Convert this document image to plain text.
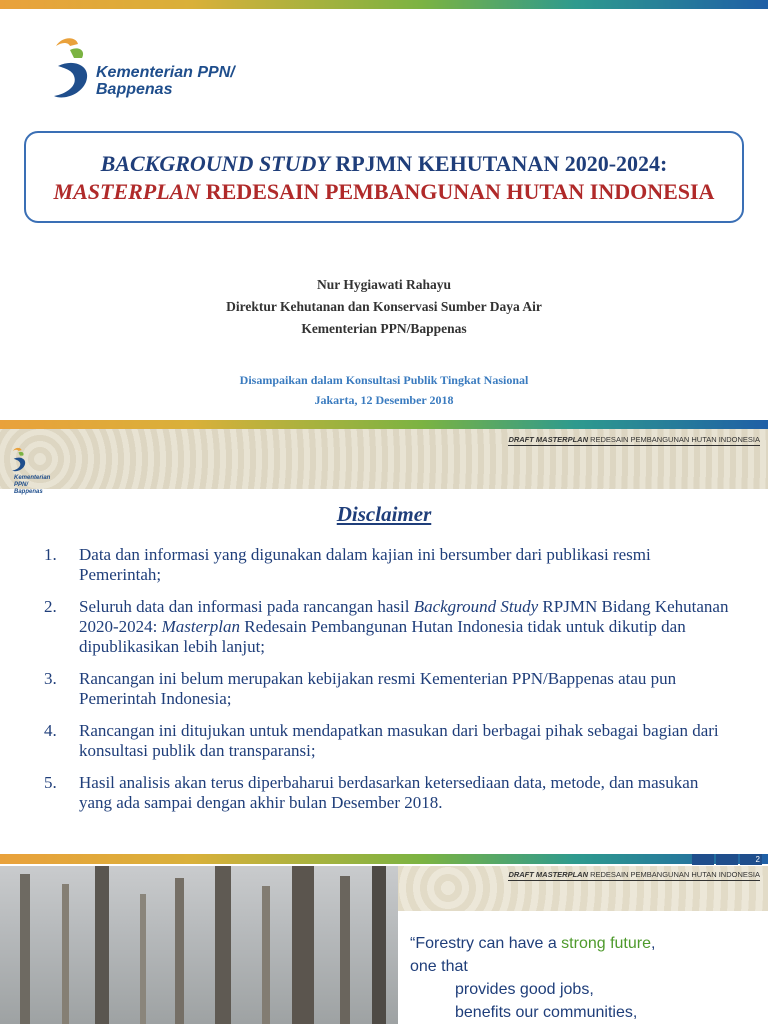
Kementerian PPN/
Bappenas
BACKGROUND STUDY RPJMN KEHUTANAN 2020-2024:
MASTERPLAN REDESAIN PEMBANGUNAN HUTAN INDONESIA
Nur Hygiawati Rahayu
Direktur Kehutanan dan Konservasi Sumber Daya Air
Kementerian PPN/Bappenas
Disampaikan dalam Konsultasi Publik Tingkat Nasional
Jakarta, 12 Desember 2018
Kementerian PPN/
Bappenas
DRAFT MASTERPLAN REDESAIN PEMBANGUNAN HUTAN INDONESIA
Disclaimer
1. Data dan informasi yang digunakan dalam kajian ini bersumber dari publikasi resmi Pemerintah;
2. Seluruh data dan informasi pada rancangan hasil Background Study RPJMN Bidang Kehutanan 2020-2024: Masterplan Redesain Pembangunan Hutan Indonesia tidak untuk dikutip dan dipublikasikan lebih lanjut;
3. Rancangan ini belum merupakan kebijakan resmi Kementerian PPN/Bappenas atau pun Pemerintah Indonesia;
4. Rancangan ini ditujukan untuk mendapatkan masukan dari berbagai pihak sebagai bagian dari konsultasi publik dan transparansi;
5. Hasil analisis akan terus diperbaharui berdasarkan ketersediaan data, metode, dan masukan yang ada sampai dengan akhir bulan Desember 2018.
2
DRAFT MASTERPLAN REDESAIN PEMBANGUNAN HUTAN INDONESIA
“Forestry can have a strong future,
one that
provides good jobs,
benefits our communities,
